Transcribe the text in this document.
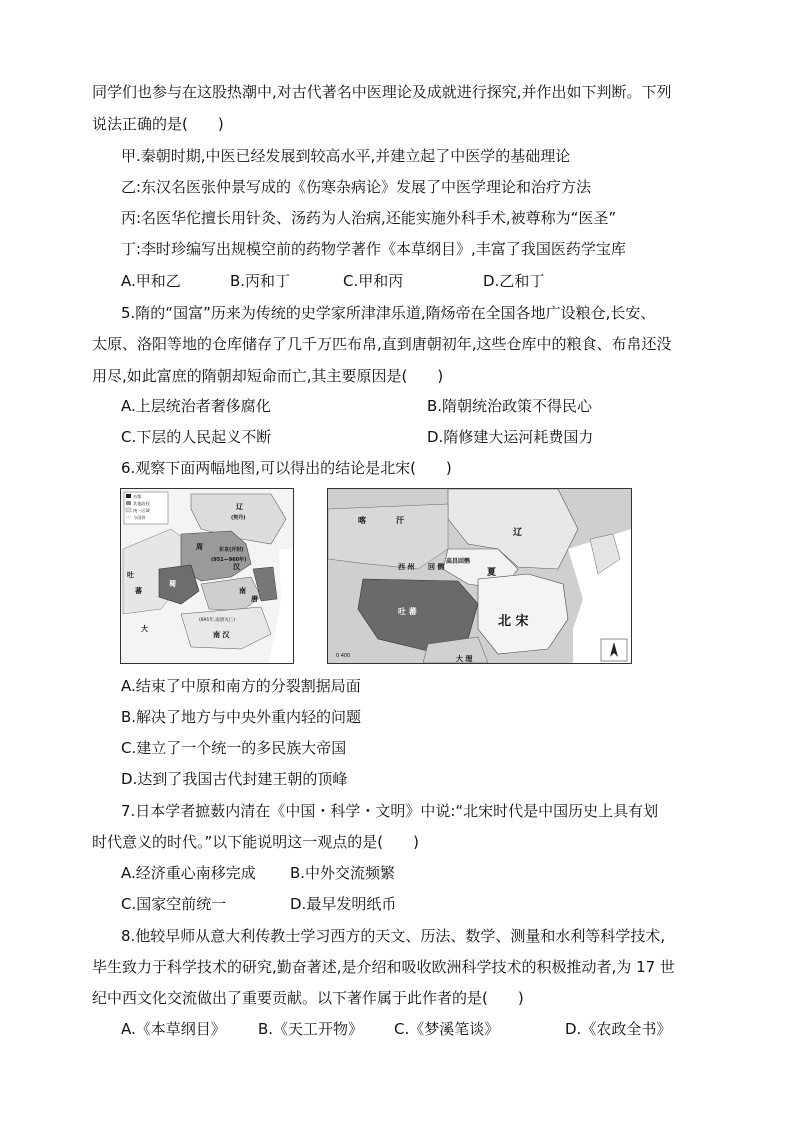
同学们也参与在这股热潮中,对古代著名中医理论及成就进行探究,并作出如下判断。下列
说法正确的是(　　)
甲.秦朝时期,中医已经发展到较高水平,并建立起了中医学的基础理论
乙:东汉名医张仲景写成的《伤寒杂病论》发展了中医学理论和治疗方法
丙:名医华佗擅长用针灸、汤药为人治病,还能实施外科手术,被尊称为“医圣”
丁:李时珍编写出规模空前的药物学著作《本草纲目》,丰富了我国医药学宝库
A.甲和乙	B.丙和丁	C.甲和丙	D.乙和丁
5.隋的“国富”历来为传统的史学家所津津乐道,隋炀帝在全国各地广设粮仓,长安、
太原、洛阳等地的仓库储存了几千万匹布帛,直到唐朝初年,这些仓库中的粮食、布帛还没
用尽,如此富庶的隋朝却短命而亡,其主要原因是(　　)
A.上层统治者奢侈腐化	B.隋朝统治政策不得民心
C.下层的人民起义不断	D.隋修建大运河耗费国力
6.观察下面两幅地图,可以得出的结论是北宋(　　)
首都
其他政权
统一区域
今国界
辽
(契丹)
东京(开封)
(951—960年)
周
汉
吐
蕃
蜀
唐
南
大
南 汉
(891年,南唐灭亡)
喀	汗
辽
夏
高昌回鹘
西 州 回 鹘
北 宋
大 理
吐 蕃
0 400
A.结束了中原和南方的分裂割据局面
B.解决了地方与中央外重内轻的问题
C.建立了一个统一的多民族大帝国
D.达到了我国古代封建王朝的顶峰
7.日本学者摭薮内清在《中国・科学・文明》中说:“北宋时代是中国历史上具有划
时代意义的时代。”以下能说明这一观点的是(　　)
A.经济重心南移完成 B.中外交流频繁
C.国家空前统一	D.最早发明纸币
8.他较早师从意大利传教士学习西方的天文、历法、数学、测量和水利等科学技术,
毕生致力于科学技术的研究,勤奋著述,是介绍和吸收欧洲科学技术的积极推动者,为 17 世
纪中西文化交流做出了重要贡献。以下著作属于此作者的是(　　)
A.《本草纲目》 B.《天工开物》 C.《梦溪笔谈》	D.《农政全书》
